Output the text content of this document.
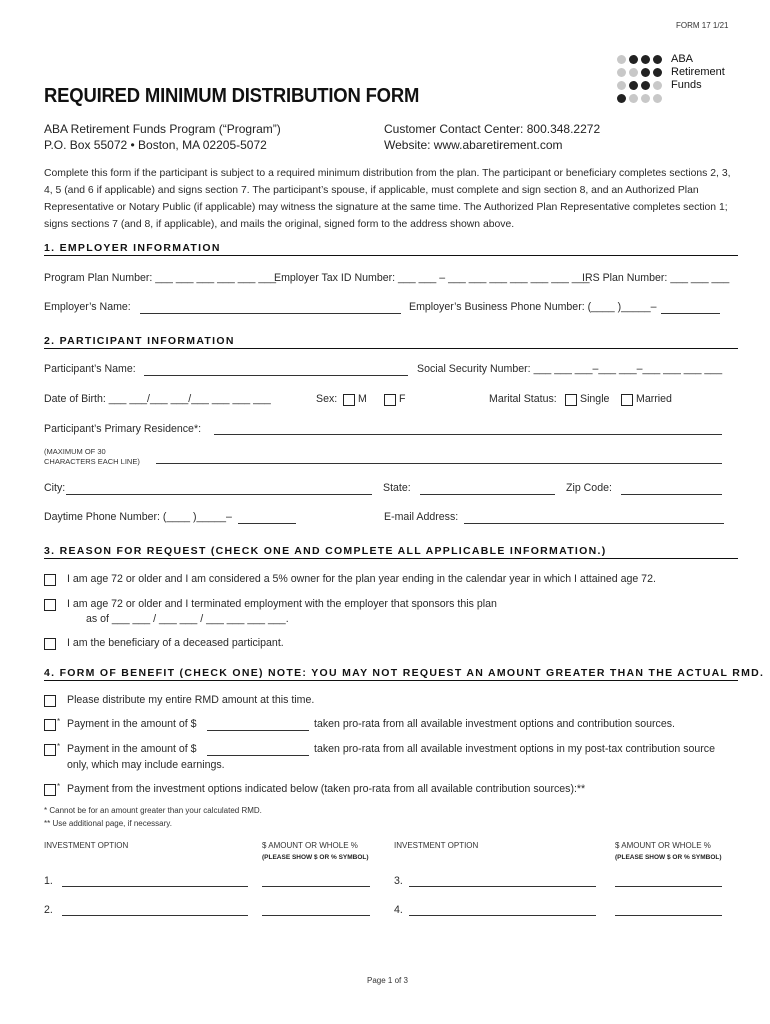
FORM 17 1/21
ABA
Retirement
Funds
REQUIRED MINIMUM DISTRIBUTION FORM
ABA Retirement Funds Program (“Program”)
P.O. Box 55072 • Boston, MA 02205-5072
Customer Contact Center: 800.348.2272
Website: www.abaretirement.com
Complete this form if the participant is subject to a required minimum distribution from the plan. The participant or beneficiary completes sections 2, 3, 4, 5 (and 6 if applicable) and signs section 7. The participant’s spouse, if applicable, must complete and sign section 8, and an Authorized Plan Representative or Notary Public (if applicable) may witness the signature at the same time. The Authorized Plan Representative completes section 1; signs sections 7 (and 8, if applicable), and mails the original, signed form to the address shown above.
1. EMPLOYER INFORMATION
Program Plan Number: ___ ___ ___ ___ ___ ___
Employer Tax ID Number: ___ ___ – ___ ___ ___ ___ ___ ___ ___
IRS Plan Number: ___ ___ ___
Employer’s Name:	Employer’s Business Phone Number: (____ )_____–
2. PARTICIPANT INFORMATION
Participant’s Name:	Social Security Number: ___ ___ ___–___ ___–___ ___ ___ ___
Date of Birth: ___ ___/___ ___/___ ___ ___ ___	Sex: M	F	Marital Status: Single	Married
Participant’s Primary Residence*:
(MAXIMUM OF 30
CHARACTERS EACH LINE)
City:	State:	Zip Code:
Daytime Phone Number: (____ )_____–	E-mail Address:
3. REASON FOR REQUEST (CHECK ONE AND COMPLETE ALL APPLICABLE INFORMATION.)
I am age 72 or older and I am considered a 5% owner for the plan year ending in the calendar year in which I attained age 72.
I am age 72 or older and I terminated employment with the employer that sponsors this plan
as of ___ ___ / ___ ___ / ___ ___ ___ ___.
I am the beneficiary of a deceased participant.
4. FORM OF BENEFIT (CHECK ONE) NOTE: YOU MAY NOT REQUEST AN AMOUNT GREATER THAN THE ACTUAL RMD.
Please distribute my entire RMD amount at this time.
* Payment in the amount of $	taken pro-rata from all available investment options and contribution sources.
* Payment in the amount of $	taken pro-rata from all available investment options in my post-tax contribution source
only, which may include earnings.
* Payment from the investment options indicated below (taken pro-rata from all available contribution sources):**
* Cannot be for an amount greater than your calculated RMD.
** Use additional page, if necessary.
INVESTMENT OPTION	$ AMOUNT OR WHOLE %
(PLEASE SHOW $ OR % SYMBOL)
INVESTMENT OPTION	$ AMOUNT OR WHOLE %
(PLEASE SHOW $ OR % SYMBOL)
1.	3.
2.	4.
Page 1 of 3
